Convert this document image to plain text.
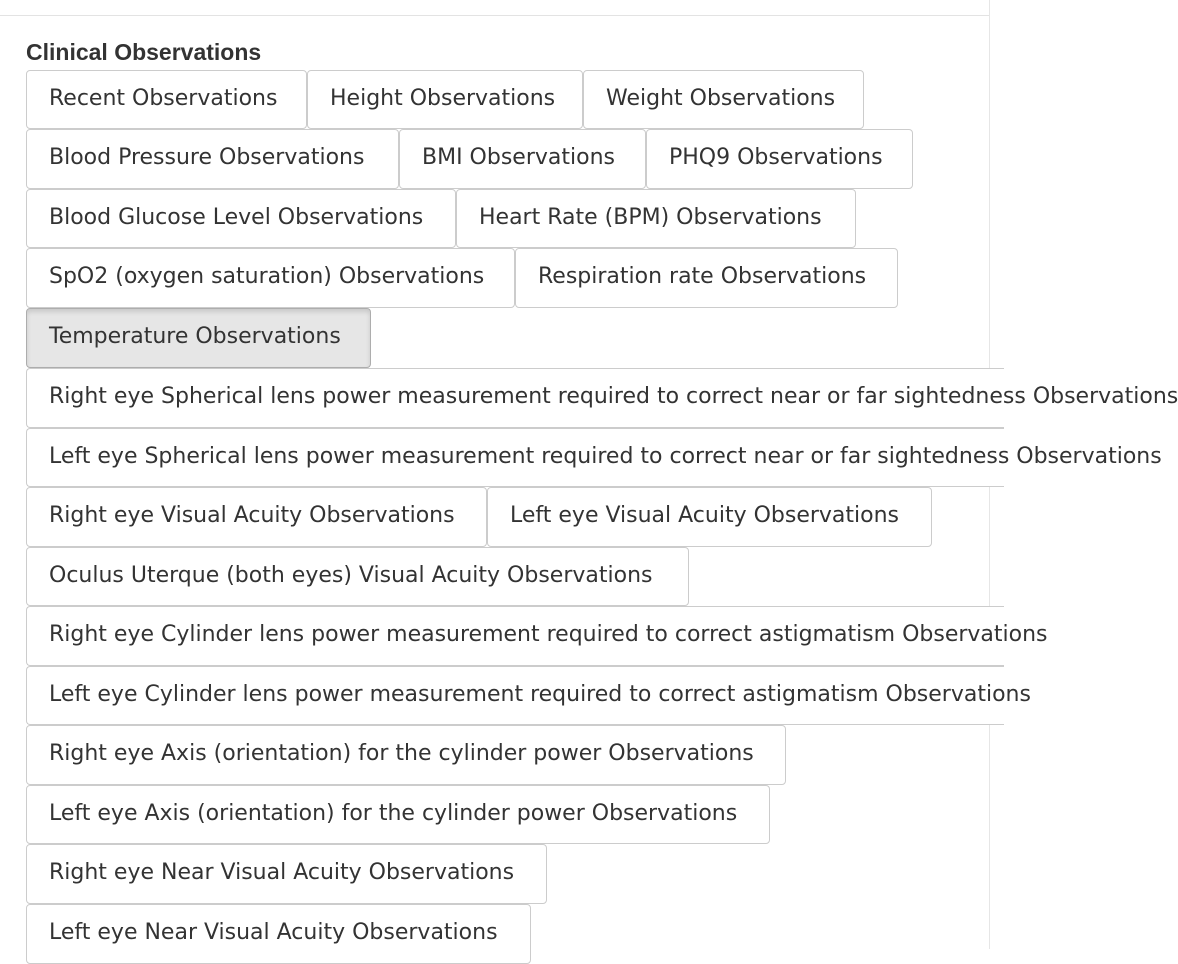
Clinical Observations
Recent Observations	Height Observations	Weight Observations
Blood Pressure Observations	BMI Observations	PHQ9 Observations
Blood Glucose Level Observations	Heart Rate (BPM) Observations
SpO2 (oxygen saturation) Observations	Respiration rate Observations
Temperature Observations
Right eye Spherical lens power measurement required to correct near or far sightedness Observations
Left eye Spherical lens power measurement required to correct near or far sightedness Observations
Right eye Visual Acuity Observations	Left eye Visual Acuity Observations
Oculus Uterque (both eyes) Visual Acuity Observations
Right eye Cylinder lens power measurement required to correct astigmatism Observations
Left eye Cylinder lens power measurement required to correct astigmatism Observations
Right eye Axis (orientation) for the cylinder power Observations
Left eye Axis (orientation) for the cylinder power Observations
Right eye Near Visual Acuity Observations
Left eye Near Visual Acuity Observations
